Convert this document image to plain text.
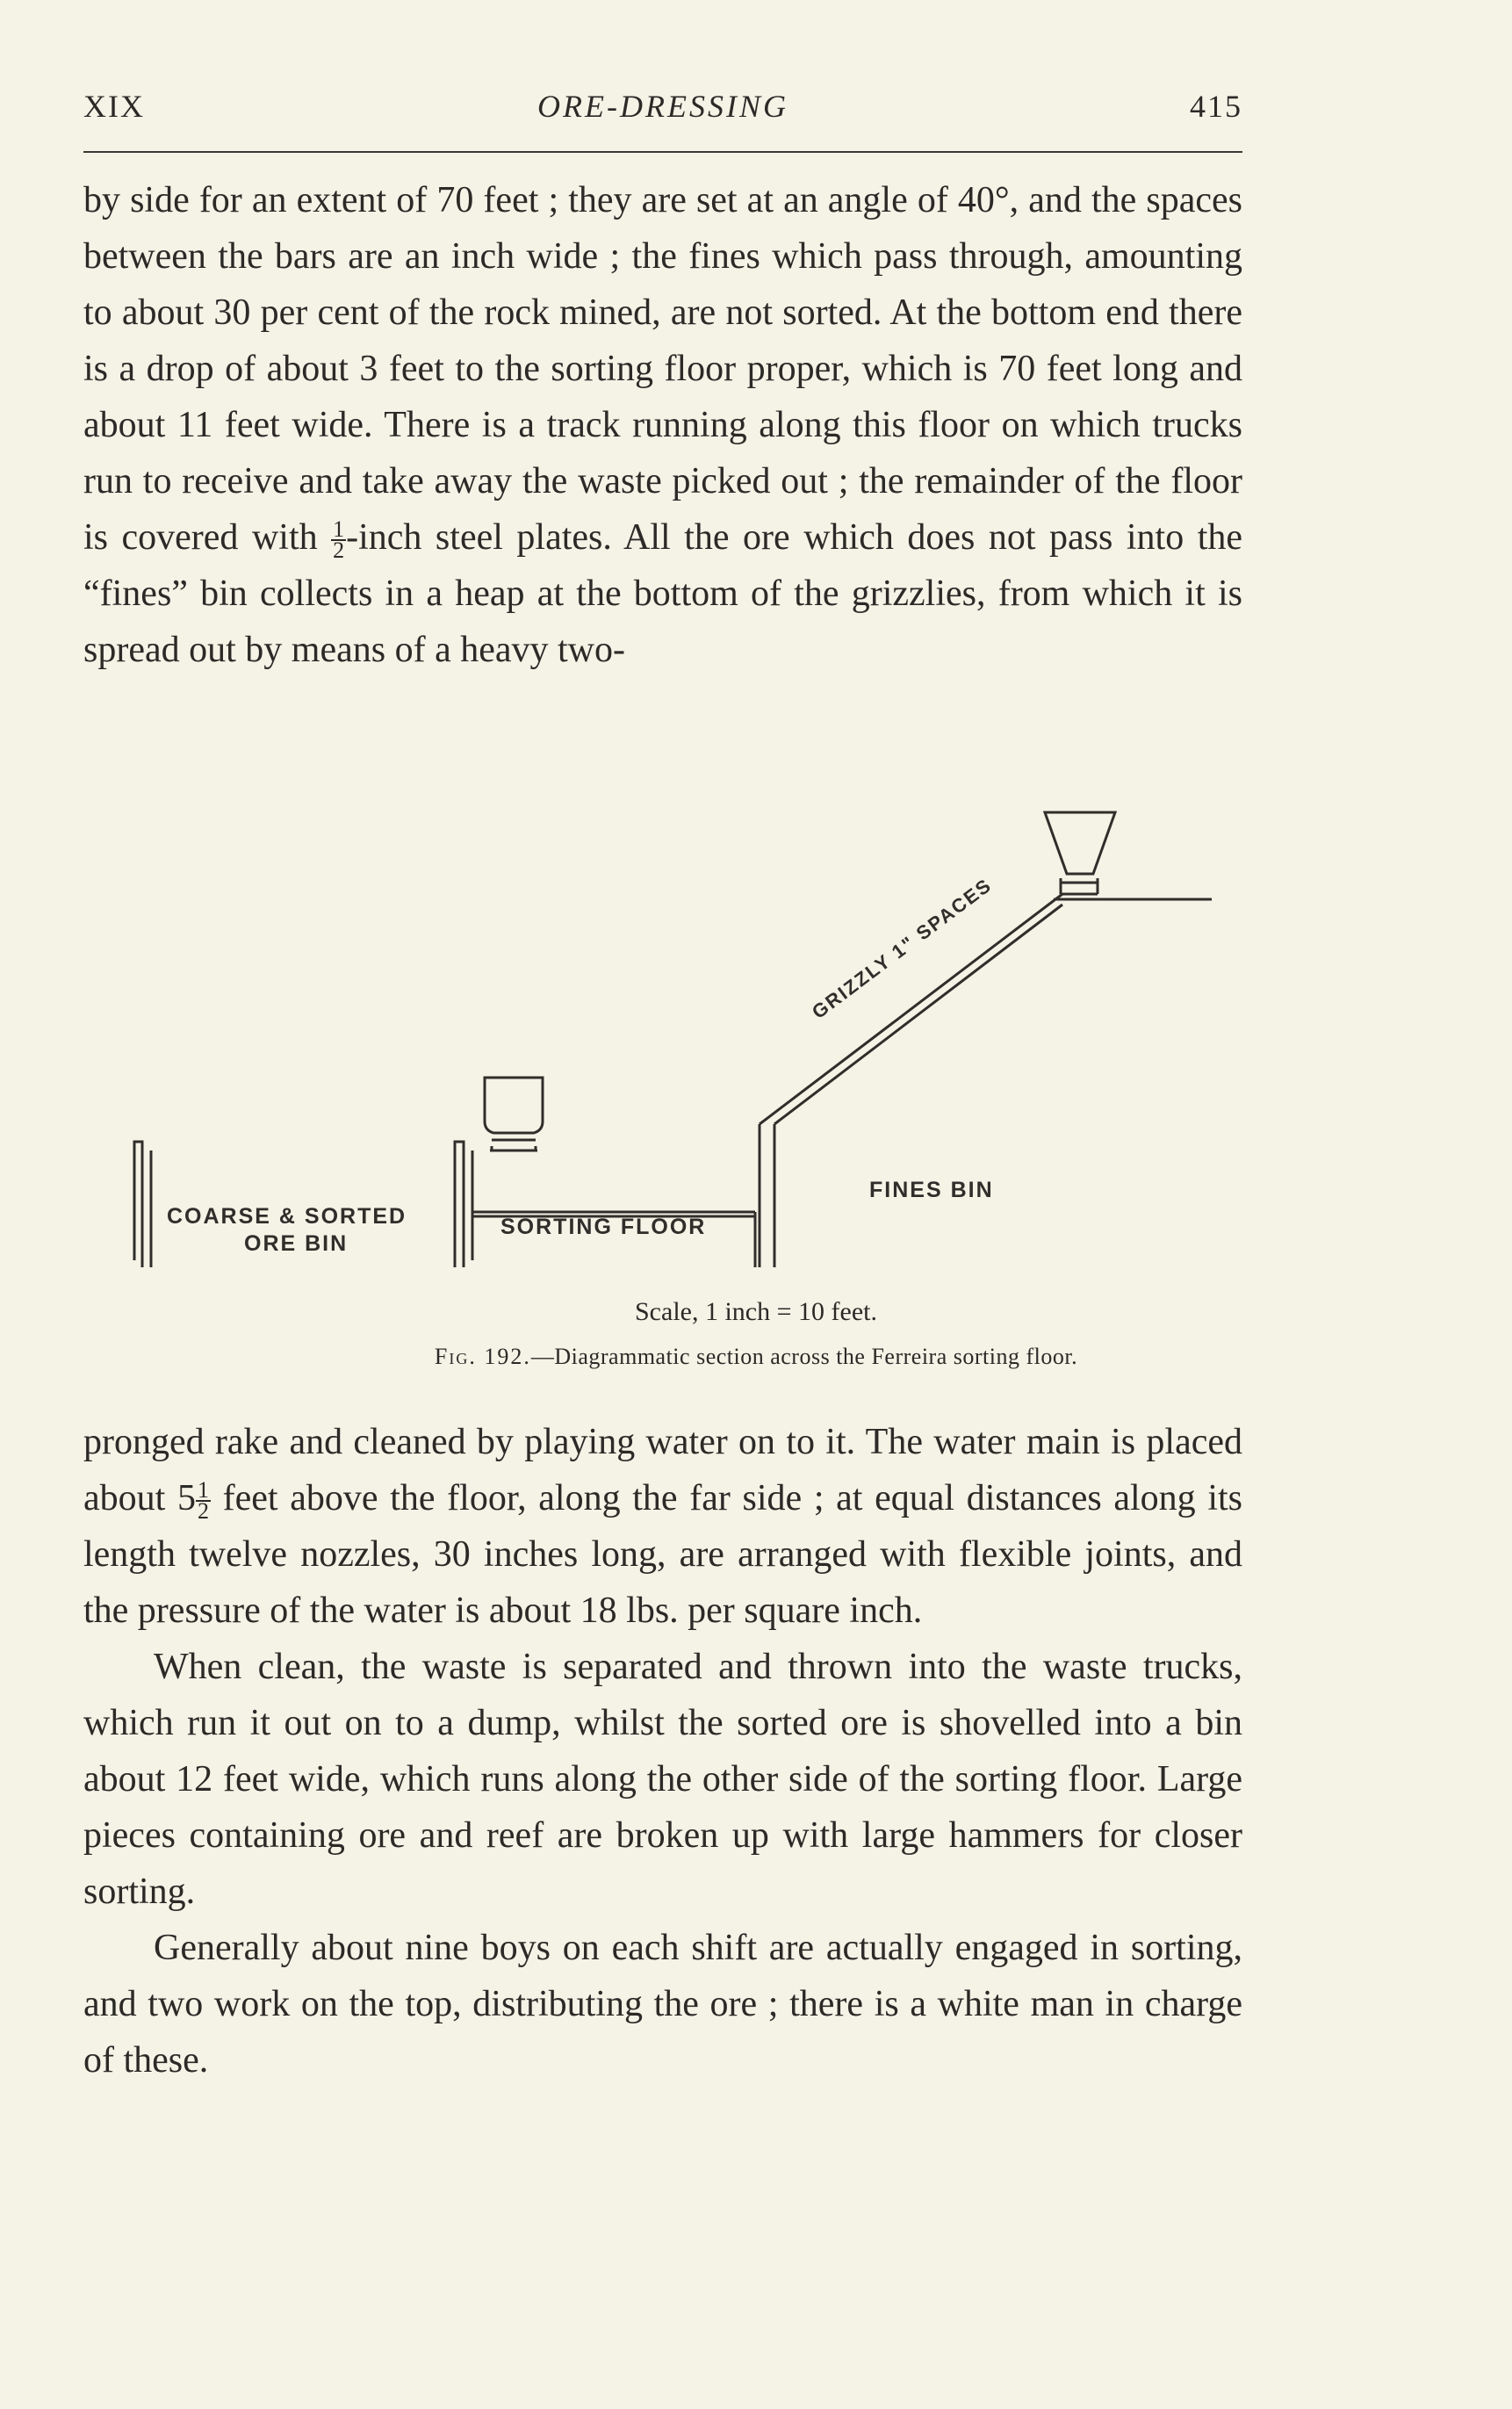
XIX	ORE-DRESSING	415

by side for an extent of 70 feet ; they are set at an angle of 40°, and the spaces between the bars are an inch wide ; the fines which pass through, amounting to about 30 per cent of the rock mined, are not sorted. At the bottom end there is a drop of about 3 feet to the sorting floor proper, which is 70 feet long and about 11 feet wide. There is a track running along this floor on which trucks run to receive and take away the waste picked out ; the remainder of the floor is covered with $\frac{1}{2}$ -inch steel plates. All the ore which does not pass into the “fines” bin collects in a heap at the bottom of the grizzlies, from which it is spread out by means of a heavy two-

COARSE & SORTED
ORE BIN
SORTING FLOOR
FINES BIN
GRIZZLY 1" SPACES
Scale, 1 inch = 10 feet.
Fig. 192.—Diagrammatic section across the Ferreira sorting floor.

pronged rake and cleaned by playing water on to it. The water main is placed about $5 \frac{1}{2}$ feet above the floor, along the far side ; at equal distances along its length twelve nozzles, 30 inches long, are arranged with flexible joints, and the pressure of the water is about 18 lbs. per square inch.

When clean, the waste is separated and thrown into the waste trucks, which run it out on to a dump, whilst the sorted ore is shovelled into a bin about 12 feet wide, which runs along the other side of the sorting floor. Large pieces containing ore and reef are broken up with large hammers for closer sorting.

Generally about nine boys on each shift are actually engaged in sorting, and two work on the top, distributing the ore ; there is a white man in charge of these.
